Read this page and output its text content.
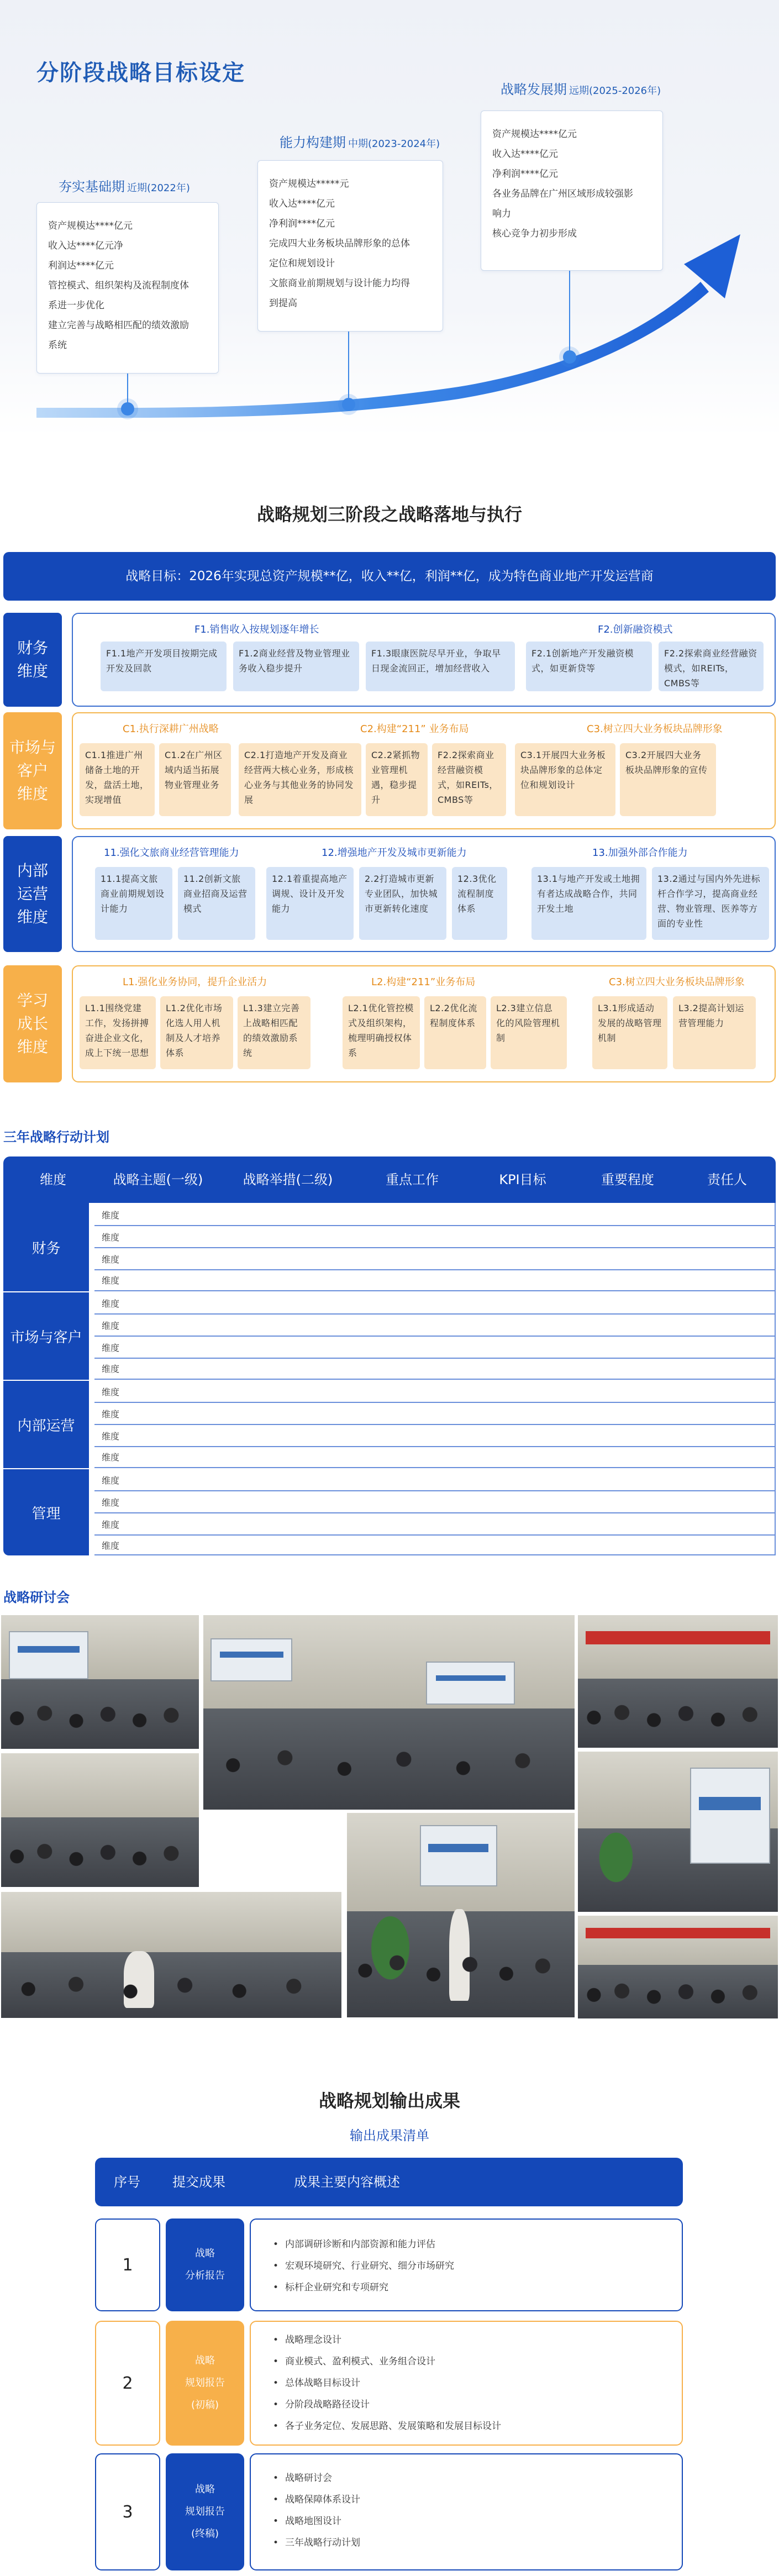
分阶段战略目标设定
夯实基础期 近期(2022年)
资产规模达****亿元
收入达****亿元净
利润达****亿元
管控模式、组织架构及流程制度体
系进一步优化
建立完善与战略相匹配的绩效激励
系统
能力构建期 中期(2023-2024年)
资产规模达*****元
收入达****亿元
净利润****亿元
完成四大业务板块品牌形象的总体
定位和规划设计
文旅商业前期规划与设计能力均得
到提高
战略发展期 远期(2025-2026年)
资产规模达****亿元
收入达****亿元
净利润****亿元
各业务品牌在广州区域形成较强影
响力
核心竞争力初步形成
战略规划三阶段之战略落地与执行
战略目标：2026年实现总资产规模**亿，收入**亿，利润**亿，成为特色商业地产开发运营商
财务
维度
F1.销售收入按规划逐年增长	F2.创新融资模式
F1.1地产开发项目按期完成开发及回款
F1.2商业经营及物业管理业务收入稳步提升
F1.3眼康医院尽早开业，争取早日现金流回正，增加经营收入
F2.1创新地产开发融资模式，如更新贷等
F2.2探索商业经营融资模式，如REITs，CMBS等
市场与
客户
维度
C1.执行深耕广州战略	C2.构建“211” 业务布局	C3.树立四大业务板块品牌形象
C1.1推进广州储备土地的开发，盘活土地，实现增值
C1.2在广州区域内适当拓展物业管理业务
C2.1打造地产开发及商业经营两大核心业务，形成核心业务与其他业务的协同发展
C2.2紧抓物业管理机遇，稳步提升
F2.2探索商业经营融资模式，如REITs，CMBS等
C3.1开展四大业务板块品牌形象的总体定位和规划设计
C3.2开展四大业务板块品牌形象的宣传
内部
运营
维度
11.强化文旅商业经营管理能力	12.增强地产开发及城市更新能力	13.加强外部合作能力
11.1提高文旅商业前期规划设计能力
11.2创新文旅商业招商及运营模式
12.1着重提高地产调规、设计及开发能力
2.2打造城市更新专业团队，加快城市更新转化速度
12.3优化流程制度体系
13.1与地产开发或土地拥有者达成战略合作，共同开发土地
13.2通过与国内外先进标杆合作学习，提高商业经营、物业管理、医养等方面的专业性
学习
成长
维度
L1.强化业务协同，提升企业活力	L2.构建“211”业务布局	C3.树立四大业务板块品牌形象
L1.1围绕党建工作，发扬拼搏奋进企业文化，成上下统一思想
L1.2优化市场化选人用人机制及人才培养体系
L1.3建立完善上战略相匹配的绩效激励系统
L2.1优化管控模式及组织架构，梳理明确授权体系
L2.2优化流程制度体系
L2.3建立信息化的风险管理机制
L3.1形成适动发展的战略管理机制
L3.2提高计划运营管理能力
三年战略行动计划
维度	战略主题(一级)	战略举措(二级)	重点工作	KPI目标	重要程度	责任人
财务
维度
维度
维度
维度
市场与客户
维度
维度
维度
维度
内部运营
维度
维度
维度
维度
管理
维度
维度
维度
维度
战略研讨会
战略规划输出成果
输出成果清单
序号 提交成果	成果主要内容概述
1
战略
分析报告
• 内部调研诊断和内部资源和能力评估
• 宏观环境研究、行业研究、细分市场研究
• 标杆企业研究和专项研究
2
战略
规划报告
(初稿)
• 战略理念设计
• 商业模式、盈利模式、业务组合设计
• 总体战略目标设计
• 分阶段战略路径设计
• 各子业务定位、发展思路、发展策略和发展目标设计
3
战略
规划报告
(终稿)
• 战略研讨会
• 战略保障体系设计
• 战略地图设计
• 三年战略行动计划
